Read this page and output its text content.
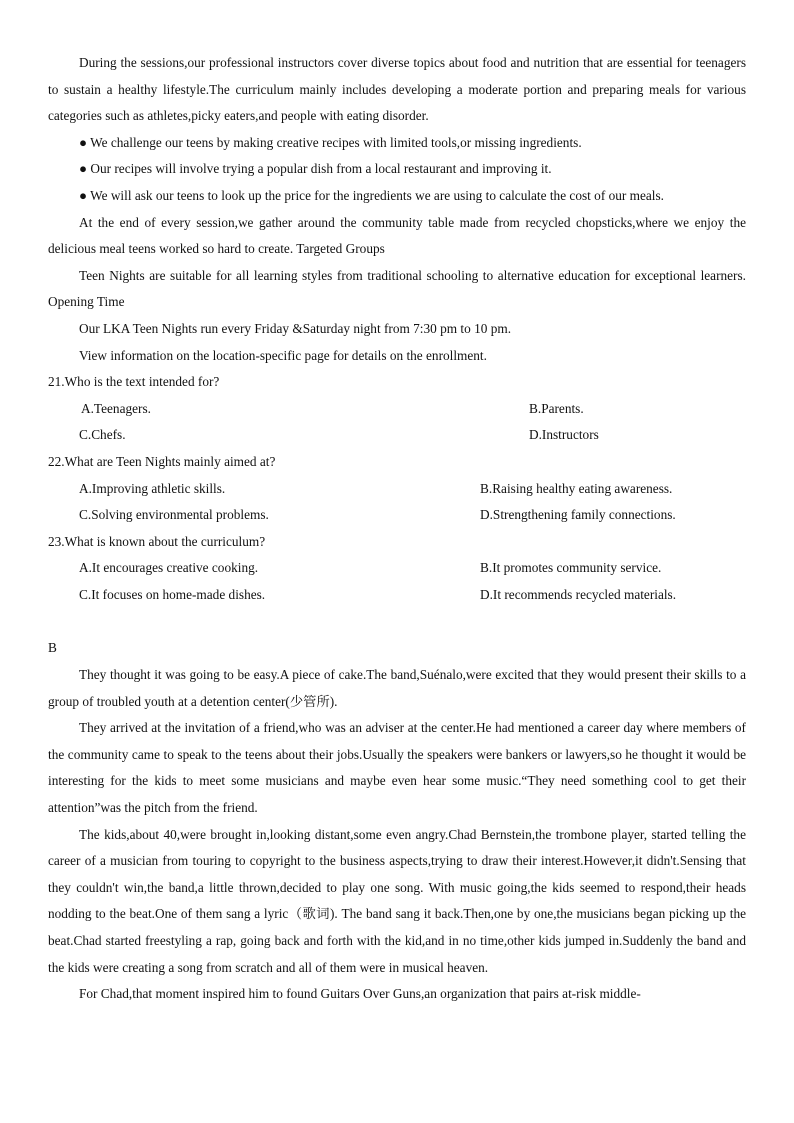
During the sessions,our professional instructors cover diverse topics about food and nutrition that are essential for teenagers to sustain a healthy lifestyle.The curriculum mainly includes developing a moderate portion and preparing meals for various categories such as athletes,picky eaters,and people with eating disorder.

● We challenge our teens by making creative recipes with limited tools,or missing ingredients.

● Our recipes will involve trying a popular dish from a local restaurant and improving it.

● We will ask our teens to look up the price for the ingredients we are using to calculate the cost of our meals.

At the end of every session,we gather around the community table made from recycled chopsticks,where we enjoy the delicious meal teens worked so hard to create. Targeted Groups

Teen Nights are suitable for all learning styles from traditional schooling to alternative education for exceptional learners. Opening Time

Our LKA Teen Nights run every Friday &Saturday night from 7:30 pm to 10 pm.

View information on the location-specific page for details on the enrollment.

21.Who is the text intended for?

A.Teenagers.	B.Parents.
C.Chefs.	D.Instructors

22.What are Teen Nights mainly aimed at?

A.Improving athletic skills.	B.Raising healthy eating awareness.
C.Solving environmental problems.	D.Strengthening family connections.

23.What is known about the curriculum?

A.It encourages creative cooking.	B.It promotes community service.
C.It focuses on home-made dishes.	D.It recommends recycled materials.

B

They thought it was going to be easy.A piece of cake.The band,Suénalo,were excited that they would present their skills to a group of troubled youth at a detention center(少管所).

They arrived at the invitation of a friend,who was an adviser at the center.He had mentioned a career day where members of the community came to speak to the teens about their jobs.Usually the speakers were bankers or lawyers,so he thought it would be interesting for the kids to meet some musicians and maybe even hear some music.“They need something cool to get their attention”was the pitch from the friend.

The kids,about 40,were brought in,looking distant,some even angry.Chad Bernstein,the trombone player, started telling the career of a musician from touring to copyright to the business aspects,trying to draw their interest.However,it didn't.Sensing that they couldn't win,the band,a little thrown,decided to play one song. With music going,the kids seemed to respond,their heads nodding to the beat.One of them sang a lyric（歌词). The band sang it back.Then,one by one,the musicians began picking up the beat.Chad started freestyling a rap, going back and forth with the kid,and in no time,other kids jumped in.Suddenly the band and the kids were creating a song from scratch and all of them were in musical heaven.

For Chad,that moment inspired him to found Guitars Over Guns,an organization that pairs at-risk middle-
